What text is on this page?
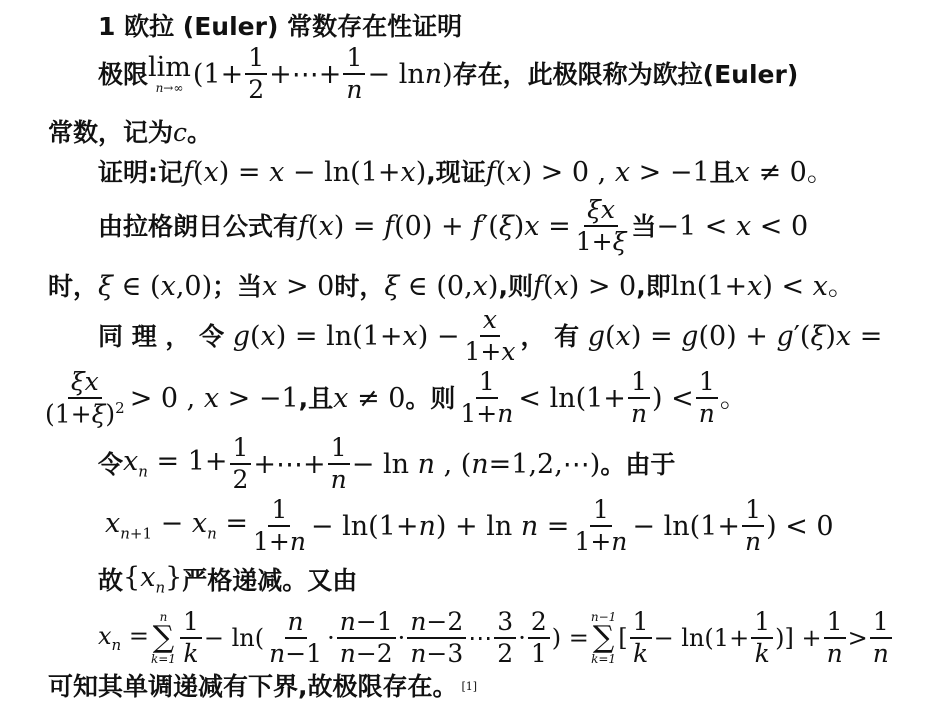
1 欧拉 (Euler) 常数存在性证明
极限 lim
n→∞ ($1+ \frac{1}{2}$ +⋯+ $\frac{1}{n} - \ln n$ ) 存在，此极限称为欧拉(Euler)
常数，记为 c 。
证明:记 f(x) = x − ln(1+x) ,现证 f(x) > 0 , x > −1 且 x ≠ 0。
由拉格朗日公式有 $f(x) = f(0) + f'(\xi)x = \frac{\xi x}{1+\xi}$ 当 −1 < x < 0
时， ξ ∈ (x,0) ；当 x > 0 时， ξ ∈ (0,x) ,则 f(x) > 0 ,即 ln(1+x) < x。
同 理 ， 令 $g(x) = \ln(1+x) - \frac{x}{1+x}$ ， 有 g(x) = g(0) + g′(ξ)x =
$\frac{\xi x}{(1+\xi)^2} > 0$ , x > −1 ,且 x ≠ 0 。则 $\frac{1}{1+n} < \ln(1+ \frac{1}{n}$ ) < $\frac{1}{n}$ 。
令 $x_n = 1+ \frac{1}{2}$ +⋯+ $\frac{1}{n} - \ln n$ , (n=1,2,⋯) 。由于
$x_{n+1} - x_n = \frac{1}{1+n} - \ln(1+n) + \ln n = \frac{1}{1+n} - \ln(1+ \frac{1}{n}$ ) < 0
故 $\{x_n\}$ 严格递减。又由
$x_n$ =
n
∑
$k=1 \frac{1}{k} - \ln( \frac{n}{n-1} \cdot \frac{n-1}{n-2} \cdot \frac{n-2}{n-3}$ ⋯ $\frac{3}{2} \cdot \frac{2}{1}$ ) =
n−1
∑
k=1
[ $\frac{1}{k} - \ln(1+ \frac{1}{k}$ )] + $\frac{1}{n} > \frac{1}{n}$
可知其单调递减有下界,故极限存在。 [1]
